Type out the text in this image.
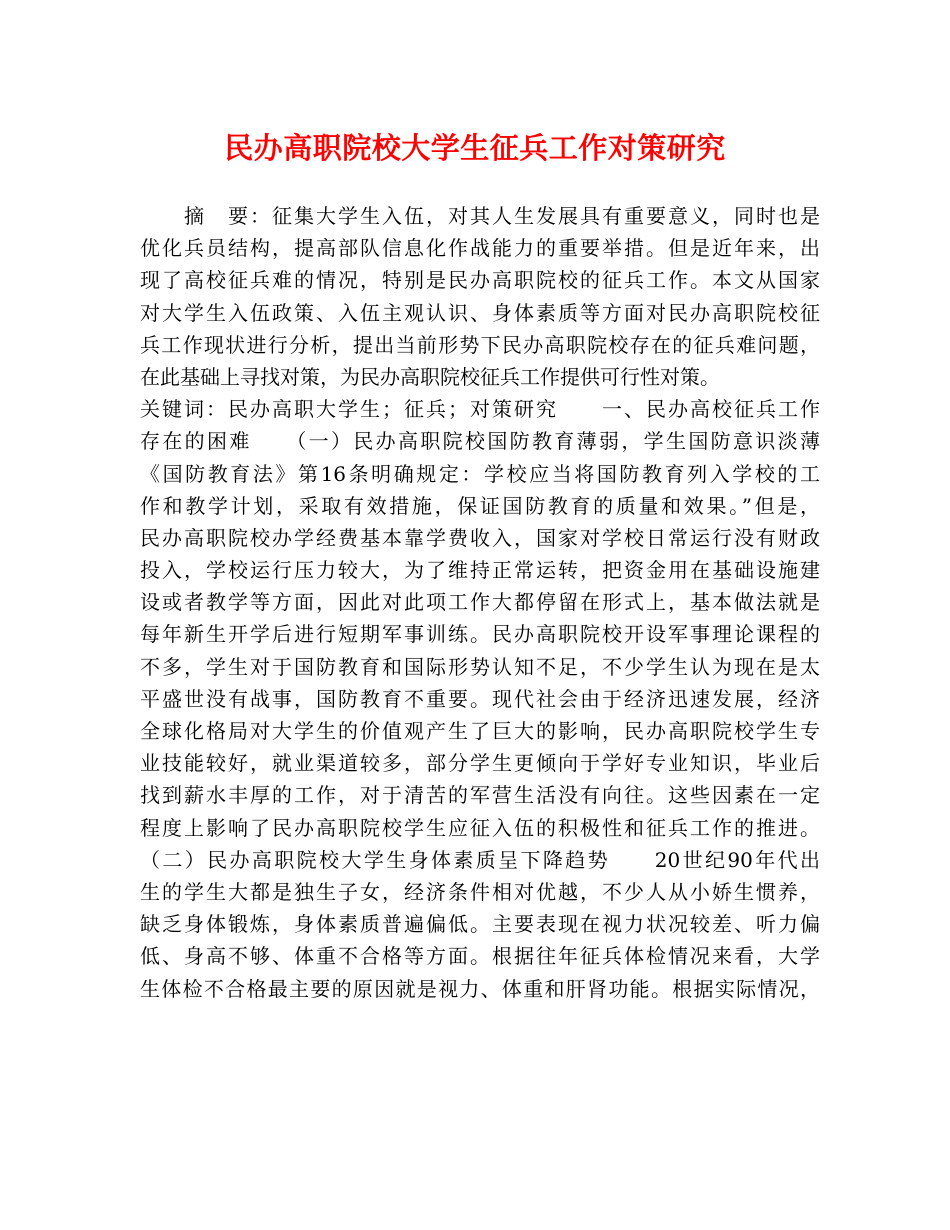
民办高职院校大学生征兵工作对策研究
　　摘　要：征集大学生入伍，对其人生发展具有重要意义，同时也是
优化兵员结构，提高部队信息化作战能力的重要举措。但是近年来，出
现了高校征兵难的情况，特别是民办高职院校的征兵工作。本文从国家
对大学生入伍政策、入伍主观认识、身体素质等方面对民办高职院校征
兵工作现状进行分析，提出当前形势下民办高职院校存在的征兵难问题，
在此基础上寻找对策，为民办高职院校征兵工作提供可行性对策。
关键词：民办高职大学生；征兵；对策研究　　一、民办高校征兵工作
存在的困难　　（一）民办高职院校国防教育薄弱，学生国防意识淡薄
《国防教育法》第16条明确规定：学校应当将国防教育列入学校的工
作和教学计划，采取有效措施，保证国防教育的质量和效果。”但是，
民办高职院校办学经费基本靠学费收入，国家对学校日常运行没有财政
投入，学校运行压力较大，为了维持正常运转，把资金用在基础设施建
设或者教学等方面，因此对此项工作大都停留在形式上，基本做法就是
每年新生开学后进行短期军事训练。民办高职院校开设军事理论课程的
不多，学生对于国防教育和国际形势认知不足，不少学生认为现在是太
平盛世没有战事，国防教育不重要。现代社会由于经济迅速发展，经济
全球化格局对大学生的价值观产生了巨大的影响，民办高职院校学生专
业技能较好，就业渠道较多，部分学生更倾向于学好专业知识，毕业后
找到薪水丰厚的工作，对于清苦的军营生活没有向往。这些因素在一定
程度上影响了民办高职院校学生应征入伍的积极性和征兵工作的推进。
（二）民办高职院校大学生身体素质呈下降趋势　　20世纪90年代出
生的学生大都是独生子女，经济条件相对优越，不少人从小娇生惯养，
缺乏身体锻炼，身体素质普遍偏低。主要表现在视力状况较差、听力偏
低、身高不够、体重不合格等方面。根据往年征兵体检情况来看，大学
生体检不合格最主要的原因就是视力、体重和肝肾功能。根据实际情况，
